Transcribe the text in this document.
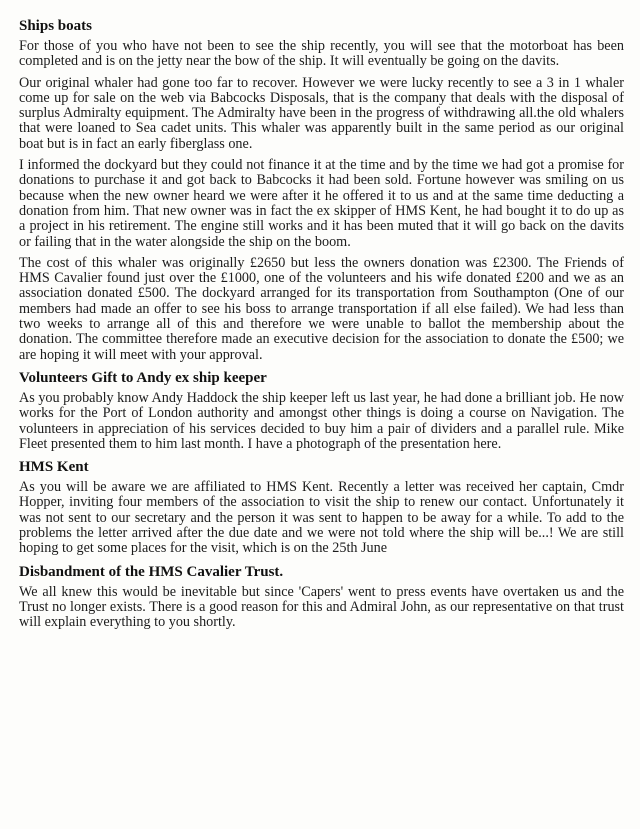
Ships boats

For those of you who have not been to see the ship recently, you will see that the motorboat has been completed and is on the jetty near the bow of the ship. It will eventually be going on the davits.

Our original whaler had gone too far to recover. However we were lucky recently to see a 3 in 1 whaler come up for sale on the web via Babcocks Disposals, that is the company that deals with the disposal of surplus Admiralty equipment. The Admiralty have been in the progress of withdrawing all.the old whalers that were loaned to Sea cadet units. This whaler was apparently built in the same period as our original boat but is in fact an early fiberglass one.

I informed the dockyard but they could not finance it at the time and by the time we had got a promise for donations to purchase it and got back to Babcocks it had been sold. Fortune however was smiling on us because when the new owner heard we were after it he offered it to us and at the same time deducting a donation from him. That new owner was in fact the ex skipper of HMS Kent, he had bought it to do up as a project in his retirement. The engine still works and it has been muted that it will go back on the davits or failing that in the water alongside the ship on the boom.

The cost of this whaler was originally £2650 but less the owners donation was £2300. The Friends of HMS Cavalier found just over the £1000, one of the volunteers and his wife donated £200 and we as an association donated £500. The dockyard arranged for its transportation from Southampton (One of our members had made an offer to see his boss to arrange transportation if all else failed). We had less than two weeks to arrange all of this and therefore we were unable to ballot the membership about the donation. The committee therefore made an executive decision for the association to donate the £500; we are hoping it will meet with your approval.

Volunteers Gift to Andy ex ship keeper

As you probably know Andy Haddock the ship keeper left us last year, he had done a brilliant job. He now works for the Port of London authority and amongst other things is doing a course on Navigation. The volunteers in appreciation of his services decided to buy him a pair of dividers and a parallel rule. Mike Fleet presented them to him last month. I have a photograph of the presentation here.

HMS Kent

As you will be aware we are affiliated to HMS Kent. Recently a letter was received her captain, Cmdr Hopper, inviting four members of the association to visit the ship to renew our contact. Unfortunately it was not sent to our secretary and the person it was sent to happen to be away for a while. To add to the problems the letter arrived after the due date and we were not told where the ship will be...! We are still hoping to get some places for the visit, which is on the 25th June

Disbandment of the HMS Cavalier Trust.

We all knew this would be inevitable but since 'Capers' went to press events have overtaken us and the Trust no longer exists. There is a good reason for this and Admiral John, as our representative on that trust will explain everything to you shortly.
